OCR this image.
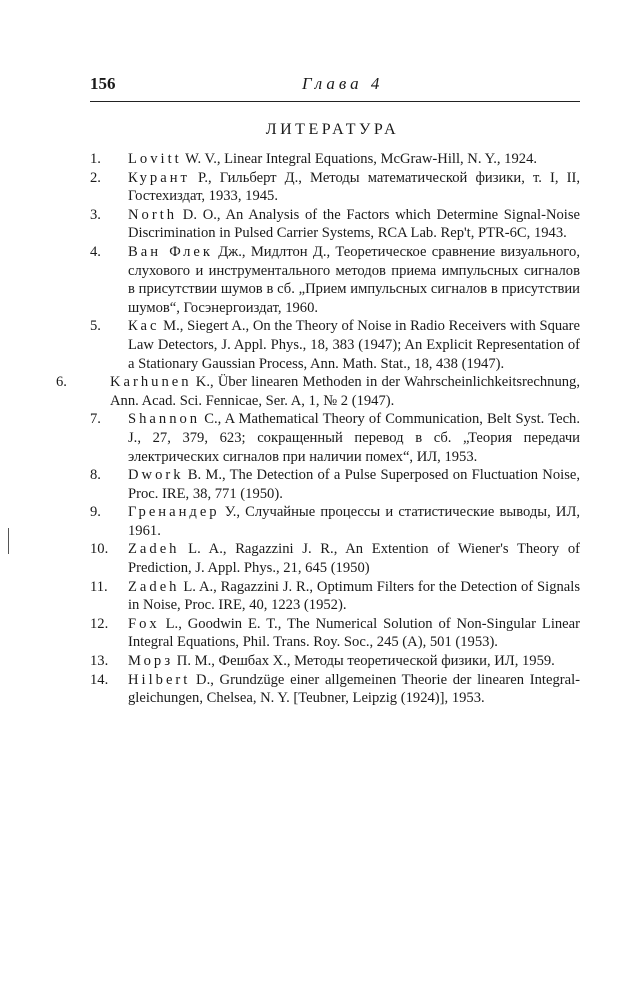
156	Глава 4
ЛИТЕРАТУРА
1. Lovitt W. V., Linear Integral Equations, McGraw-Hill, N. Y., 1924.
2. Курант Р., Гильберт Д., Методы математической физики, т. I, II, Гостехиздат, 1933, 1945.
3. North D. O., An Analysis of the Factors which Determine Signal-Noise Discrimination in Pulsed Carrier Systems, RCA Lab. Rep't, PTR-6C, 1943.
4. Ван Флек Дж., Мидлтон Д., Теоретическое сравнение визуального, слухового и инструментального методов приема импульсных сигналов в присутствии шумов в сб. „Прием импульсных сигналов в присутствии шумов“, Госэнергоиздат, 1960.
5. Кас M., Siegert A., On the Theory of Noise in Radio Receivers with Square Law Detectors, J. Appl. Phys., 18, 383 (1947); An Explicit Representation of a Stationary Gaussian Process, Ann. Math. Stat., 18, 438 (1947).
6.	Karhunen K., Über linearen Methoden in der Wahrscheinlichkeitsrechnung, Ann. Acad. Sci. Fennicae, Ser. A, 1, № 2 (1947).
7. Shannon C., A Mathematical Theory of Communication, Belt Syst. Tech. J., 27, 379, 623; сокращенный перевод в сб. „Теория передачи электрических сигналов при наличии помех“, ИЛ, 1953.
8. Dwork B. M., The Detection of a Pulse Superposed on Fluctuation Noise, Proc. IRE, 38, 771 (1950).
9. Гренандер У., Случайные процессы и статистические выводы, ИЛ, 1961.
10. Zadeh L. A., Ragazzini J. R., An Extention of Wiener's Theory of Prediction, J. Appl. Phys., 21, 645 (1950)
11. Zadeh L. A., Ragazzini J. R., Optimum Filters for the Detection of Signals in Noise, Proc. IRE, 40, 1223 (1952).
12. Fox L., Goodwin E. T., The Numerical Solution of Non-Singular Linear Integral Equations, Phil. Trans. Roy. Soc., 245 (A), 501 (1953).
13. Морз П. М., Фешбах Х., Методы теоретической физики, ИЛ, 1959.
14. Hilbert D., Grundzüge einer allgemeinen Theorie der linearen Integral-gleichungen, Chelsea, N. Y. [Teubner, Leipzig (1924)], 1953.
